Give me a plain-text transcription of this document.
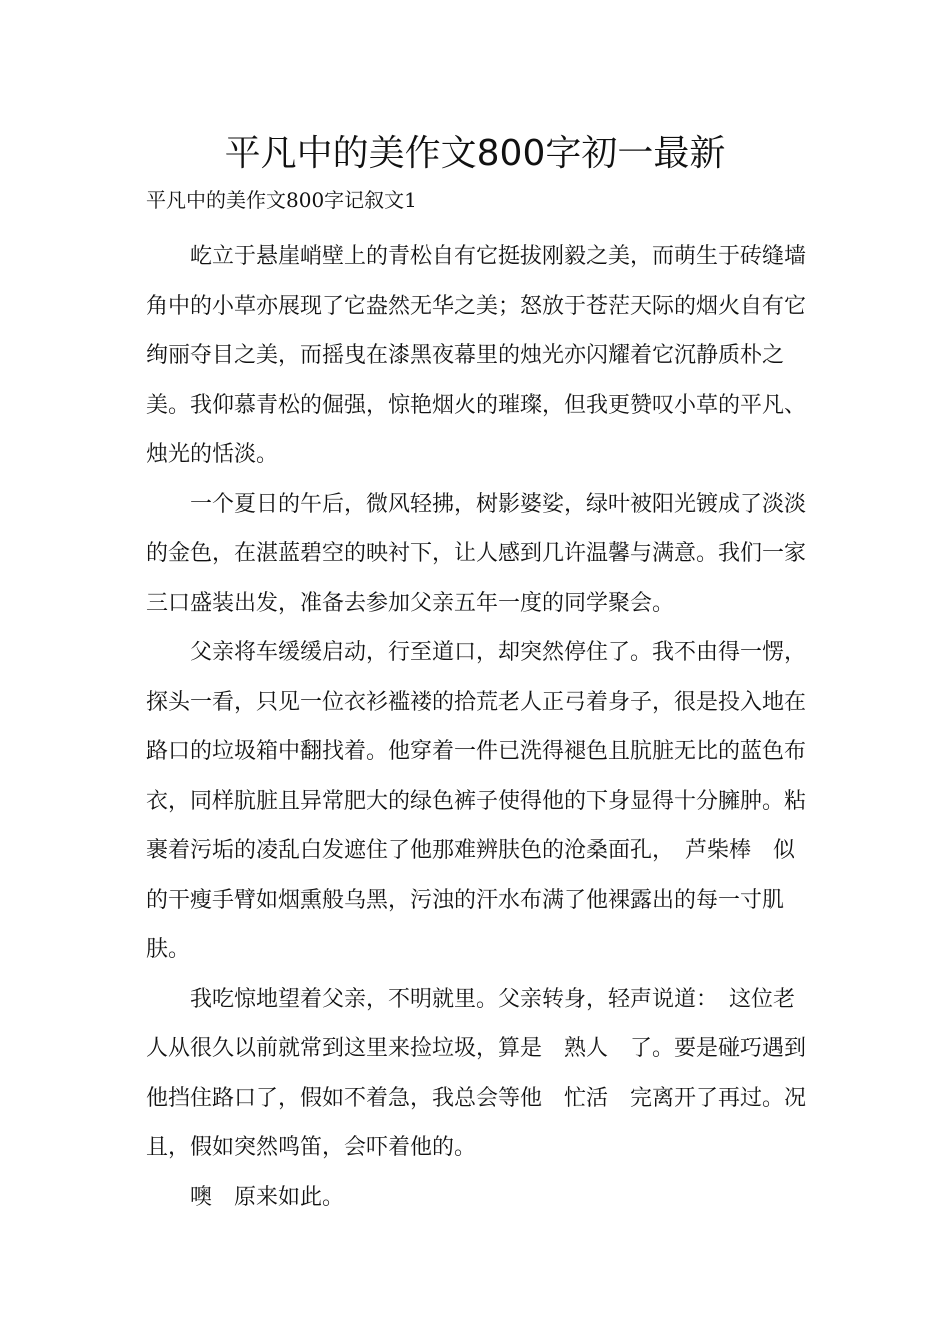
平凡中的美作文800字初一最新

平凡中的美作文800字记叙文1

屹立于悬崖峭壁上的青松自有它挺拔刚毅之美，而萌生于砖缝墙角中的小草亦展现了它盎然无华之美；怒放于苍茫天际的烟火自有它绚丽夺目之美，而摇曳在漆黑夜幕里的烛光亦闪耀着它沉静质朴之美。我仰慕青松的倔强，惊艳烟火的璀璨，但我更赞叹小草的平凡、烛光的恬淡。

一个夏日的午后，微风轻拂，树影婆娑，绿叶被阳光镀成了淡淡的金色，在湛蓝碧空的映衬下，让人感到几许温馨与满意。我们一家三口盛装出发，准备去参加父亲五年一度的同学聚会。

父亲将车缓缓启动，行至道口，却突然停住了。我不由得一愣，探头一看，只见一位衣衫褴褛的拾荒老人正弓着身子，很是投入地在路口的垃圾箱中翻找着。他穿着一件已洗得褪色且肮脏无比的蓝色布衣，同样肮脏且异常肥大的绿色裤子使得他的下身显得十分臃肿。粘裹着污垢的凌乱白发遮住了他那难辨肤色的沧桑面孔，　芦柴棒　似的干瘦手臂如烟熏般乌黑，污浊的汗水布满了他裸露出的每一寸肌肤。

我吃惊地望着父亲，不明就里。父亲转身，轻声说道：　这位老人从很久以前就常到这里来捡垃圾，算是　熟人　了。要是碰巧遇到他挡住路口了，假如不着急，我总会等他　忙活　完离开了再过。况且，假如突然鸣笛，会吓着他的。

噢　原来如此。
